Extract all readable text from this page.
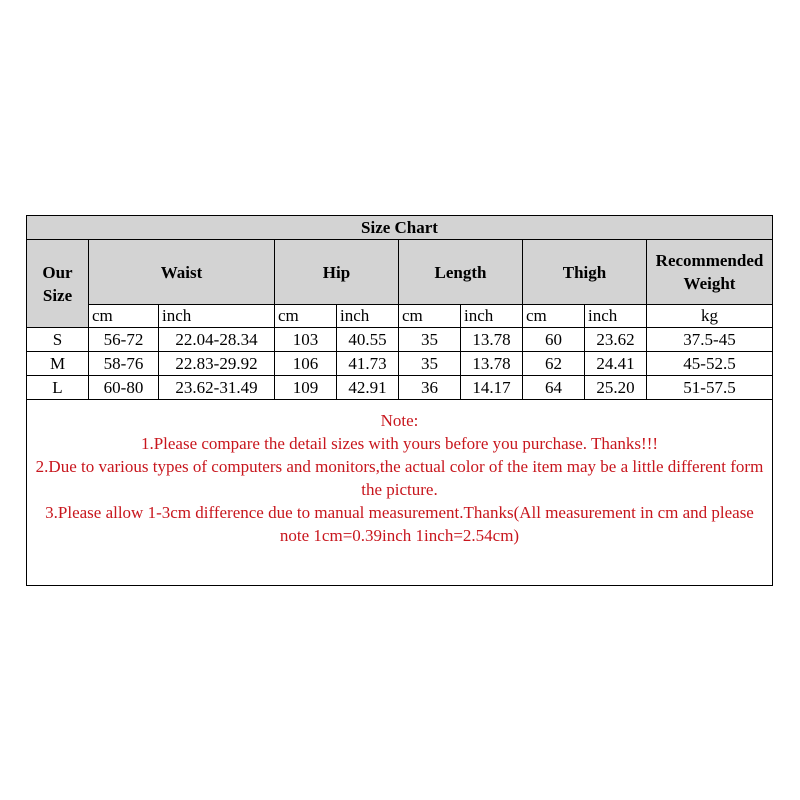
Size Chart									
Our Size	Waist		Hip		Length		Thigh		Recommended Weight
	cm	inch	cm	inch	cm	inch	cm	inch	kg
S	56-72	22.04-28.34	103	40.55	35	13.78	60	23.62	37.5-45
M	58-76	22.83-29.92	106	41.73	35	13.78	62	24.41	45-52.5
L	60-80	23.62-31.49	109	42.91	36	14.17	64	25.20	51-57.5

Note:
1.Please compare the detail sizes with yours before you purchase. Thanks!!!
2.Due to various types of computers and monitors,the actual color of the item may be a little different form the picture.
3.Please allow 1-3cm difference due to manual measurement.Thanks(All measurement in cm and please note 1cm=0.39inch 1inch=2.54cm)									
